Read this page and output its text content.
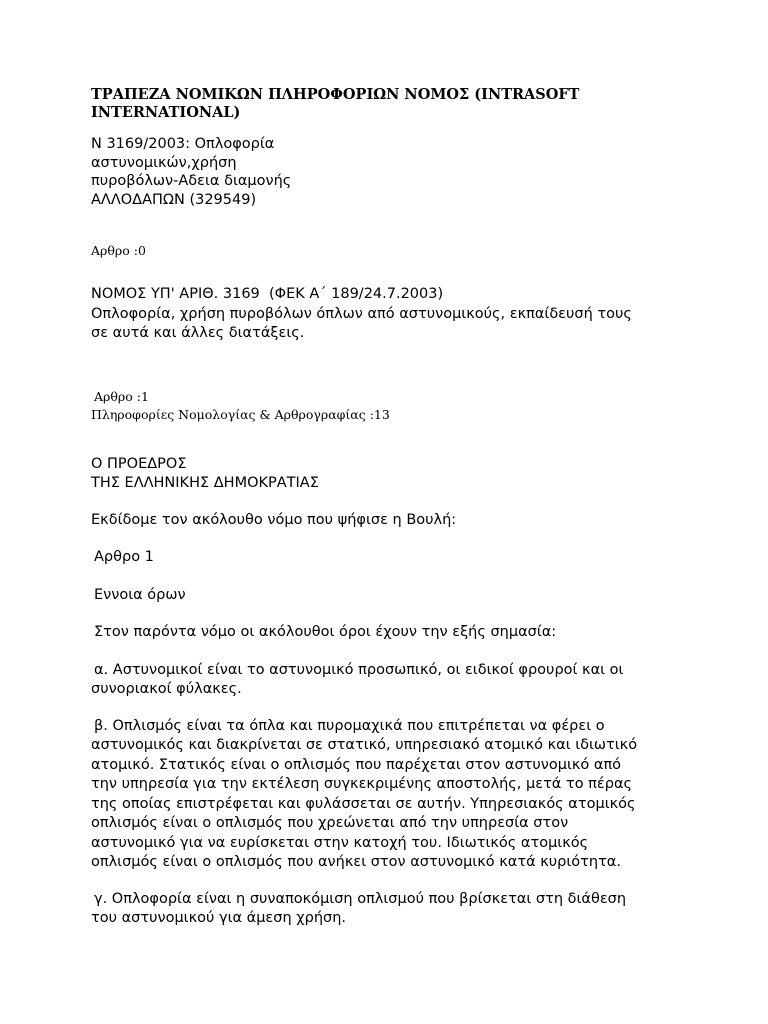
ΤΡΑΠΕΖΑ ΝΟΜΙΚΩΝ ΠΛΗΡΟΦΟΡΙΩΝ ΝΟΜΟΣ (INTRASOFT
INTERNATIONAL)
Ν 3169/2003: Οπλοφορία
αστυνομικών,χρήση
πυροβόλων-Αδεια διαμονής
ΑΛΛΟΔΑΠΩΝ (329549)
Αρθρο :0
ΝΟΜΟΣ ΥΠ' ΑΡΙΘ. 3169  (ΦΕΚ Α΄ 189/24.7.2003)
Οπλοφορία, χρήση πυροβόλων όπλων από αστυνομικούς, εκπαίδευσή τους
σε αυτά και άλλες διατάξεις.
Αρθρο :1
Πληροφορίες Νομολογίας & Αρθρογραφίας :13
Ο ΠΡΟΕΔΡΟΣ
ΤΗΣ ΕΛΛΗΝΙΚΗΣ ΔΗΜΟΚΡΑΤΙΑΣ
Εκδίδομε τον ακόλουθο νόμο που ψήφισε η Βουλή:
Αρθρο 1
Εννοια όρων
Στον παρόντα νόμο οι ακόλουθοι όροι έχουν την εξής σημασία:
α. Αστυνομικοί είναι το αστυνομικό προσωπικό, οι ειδικοί φρουροί και οι
συνοριακοί φύλακες.
β. Οπλισμός είναι τα όπλα και πυρομαχικά που επιτρέπεται να φέρει ο
αστυνομικός και διακρίνεται σε στατικό, υπηρεσιακό ατομικό και ιδιωτικό
ατομικό. Στατικός είναι ο οπλισμός που παρέχεται στον αστυνομικό από
την υπηρεσία για την εκτέλεση συγκεκριμένης αποστολής, μετά το πέρας
της οποίας επιστρέφεται και φυλάσσεται σε αυτήν. Υπηρεσιακός ατομικός
οπλισμός είναι ο οπλισμός που χρεώνεται από την υπηρεσία στον
αστυνομικό για να ευρίσκεται στην κατοχή του. Ιδιωτικός ατομικός
οπλισμός είναι ο οπλισμός που ανήκει στον αστυνομικό κατά κυριότητα.
γ. Οπλοφορία είναι η συναποκόμιση οπλισμού που βρίσκεται στη διάθεση
του αστυνομικού για άμεση χρήση.
